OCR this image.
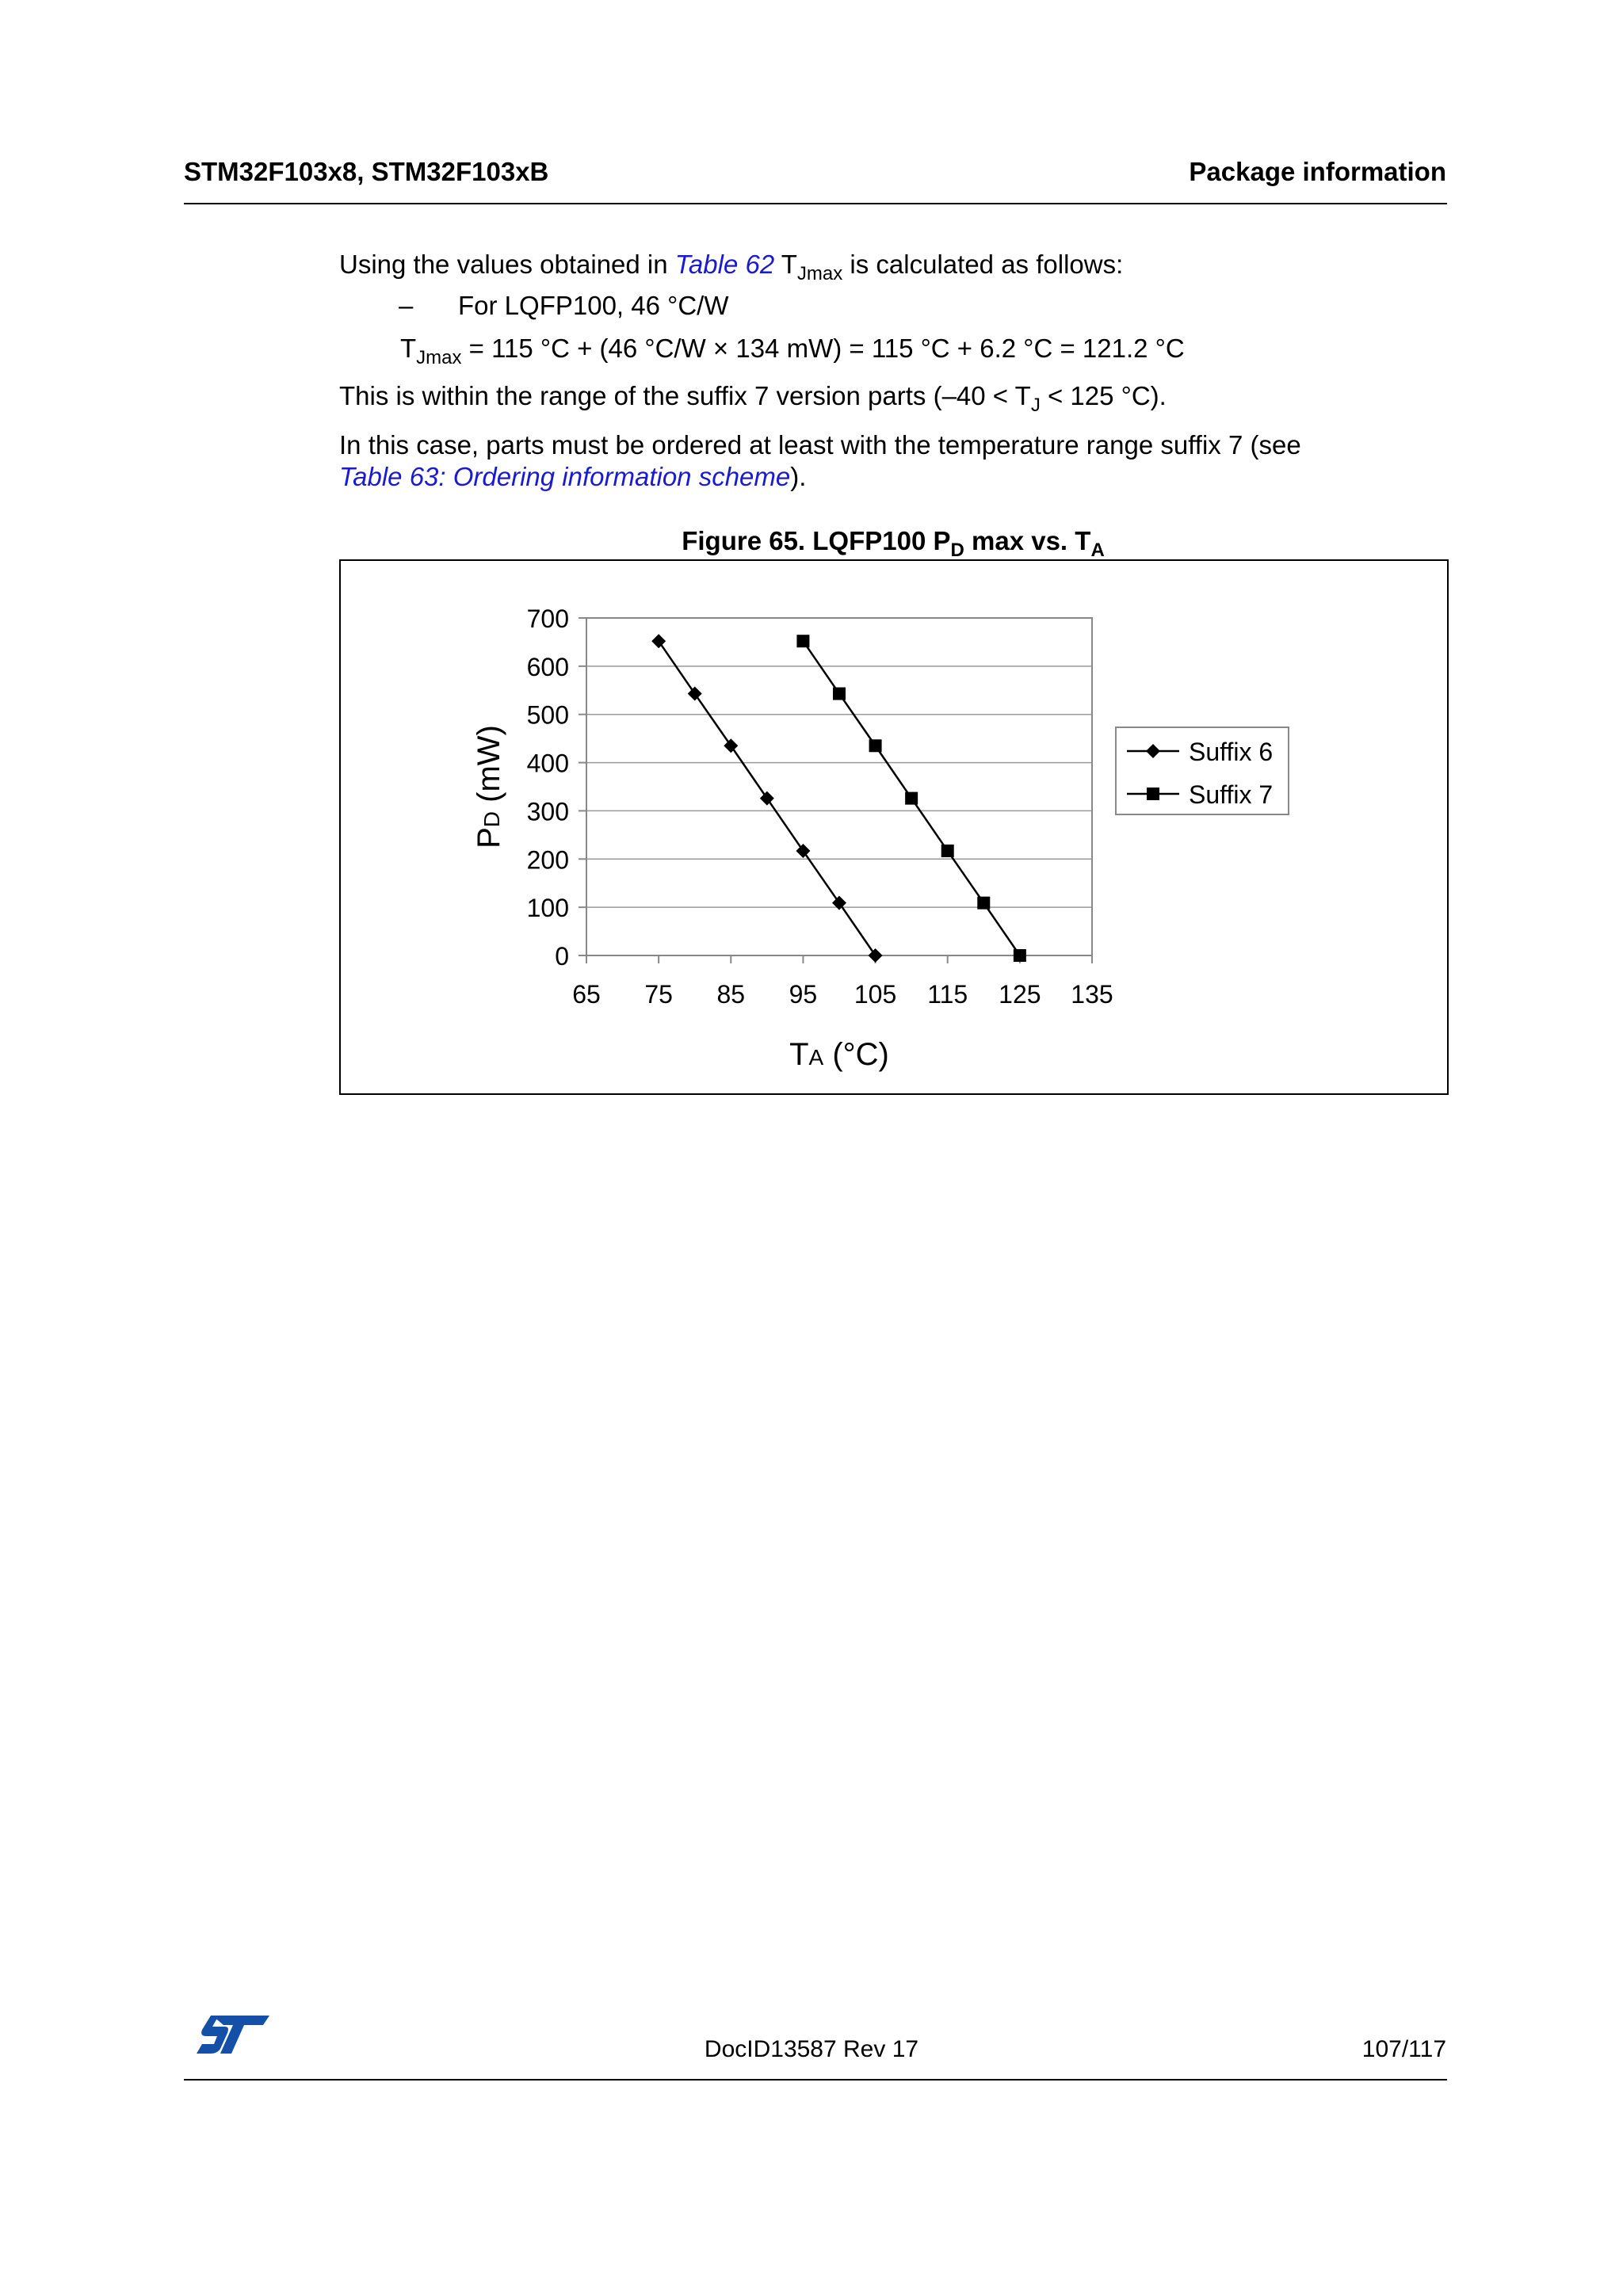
STM32F103x8, STM32F103xB	Package information
Using the values obtained in Table 62 $T_{Jmax}$ is calculated as follows:
– For LQFP100, 46 °C/W
$T_{Jmax} = 115$ °C + (46 °C/W × 134 mW) = 115 °C + 6.2 °C = 121.2 °C
This is within the range of the suffix 7 version parts ($-40 < T_J < 125$ °C).
In this case, parts must be ordered at least with the temperature range suffix 7 (see
Table 63: Ordering information scheme).
Figure 65. LQFP100 $P_D$ max vs. $T_A$
0
100
200
300
400
500
600
700
65 75 85 95 105 115 125 135
PD (mW)
TA (°C)
Suffix 6
Suffix 7
DocID13587 Rev 17	107/117
